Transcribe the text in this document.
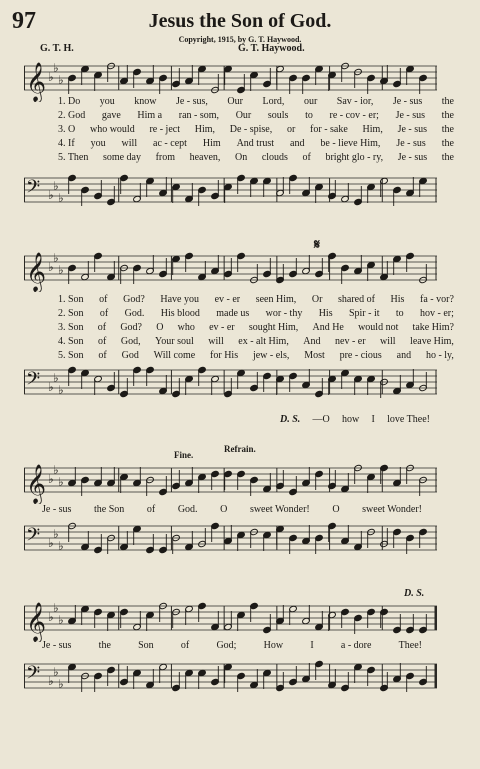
97	Jesus the Son of God.
Copyright, 1915, by G. T. Haywood.
G. T. H.	G. T. Haywood.
𝄞 ♭
♭
♭
1. Do you know Je - sus, Our Lord, our Sav - ior, Je - sus the
2. God gave Him a ran - som, Our souls to re - cov - er; Je - sus the
3. O who would re - ject Him, De - spise, or for - sake Him, Je - sus the
4. If you will ac - cept Him And trust and be - lieve Him, Je - sus the
5. Then some day from heaven, On clouds of bright glo - ry, Je - sus the
𝄢 ♭
♭
♭
𝄋
𝄞 ♭
♭
♭
1. Son of God? Have you ev - er seen Him, Or shared of His fa - vor?
2. Son of God. His blood made us wor - thy His Spir - it to hov - er;
3. Son of God? O who ev - er sought Him, And He would not take Him?
4. Son of God, Your soul will ex - alt Him, And nev - er will leave Him,
5. Son of God Will come for His jew - els, Most pre - cious and ho - ly,
𝄢 ♭
♭
♭
D. S. —O how I love Thee!
Fine.
Refrain.
𝄞 ♭
♭
♭
Je - sus the Son of God. O sweet Wonder! O sweet Wonder!
𝄢 ♭
♭
♭
D. S.
𝄞 ♭
♭
♭
Je - sus	the	Son	of	God;	How	I	a - dore	Thee!
𝄢 ♭
♭
♭
